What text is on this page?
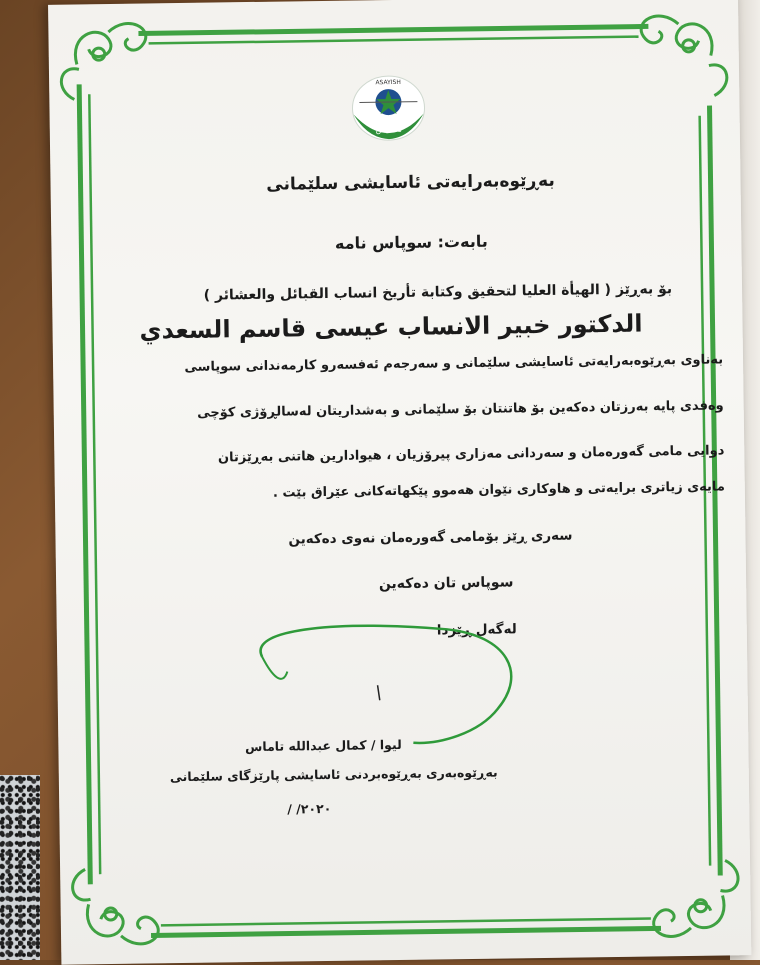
ASAYISH
ئاسایش
بەڕێوەبەرایەتی ئاسایشی سلێمانی
بابەت: سوپاس نامە
بۆ بەڕێز ( الهيأة العليا لتحقيق وكتابة تأريخ انساب القبائل والعشائر )
الدكتور خبير الانساب عيسى قاسم السعدي
بەناوی بەڕێوەبەرایەتی ئاسایشی سلێمانی و سەرجەم ئەفسەرو کارمەندانی سوپاسی
وەفدی پایە بەرزتان دەکەین بۆ هاتنتان بۆ سلێمانی و بەشداریتان لەسالڕۆژی کۆچی
دوایی مامی گەورەمان و سەردانی مەزاری پیرۆزیان ، هیوادارین هاتنی بەڕێزتان
مایەی زیاتری برایەتی و هاوکاری نێوان هەموو پێکهاتەکانی عێراق بێت .
سەری ڕێز بۆمامی گەورەمان نەوی دەکەین
سوپاس تان دەکەین
لەگەل ڕێزدا
لیوا / کمال عبدالله تاماس
بەڕێوەبەری بەڕێوەبردنی ئاسایشی پارێزگای سلێمانی
/ /٢٠٢٠
